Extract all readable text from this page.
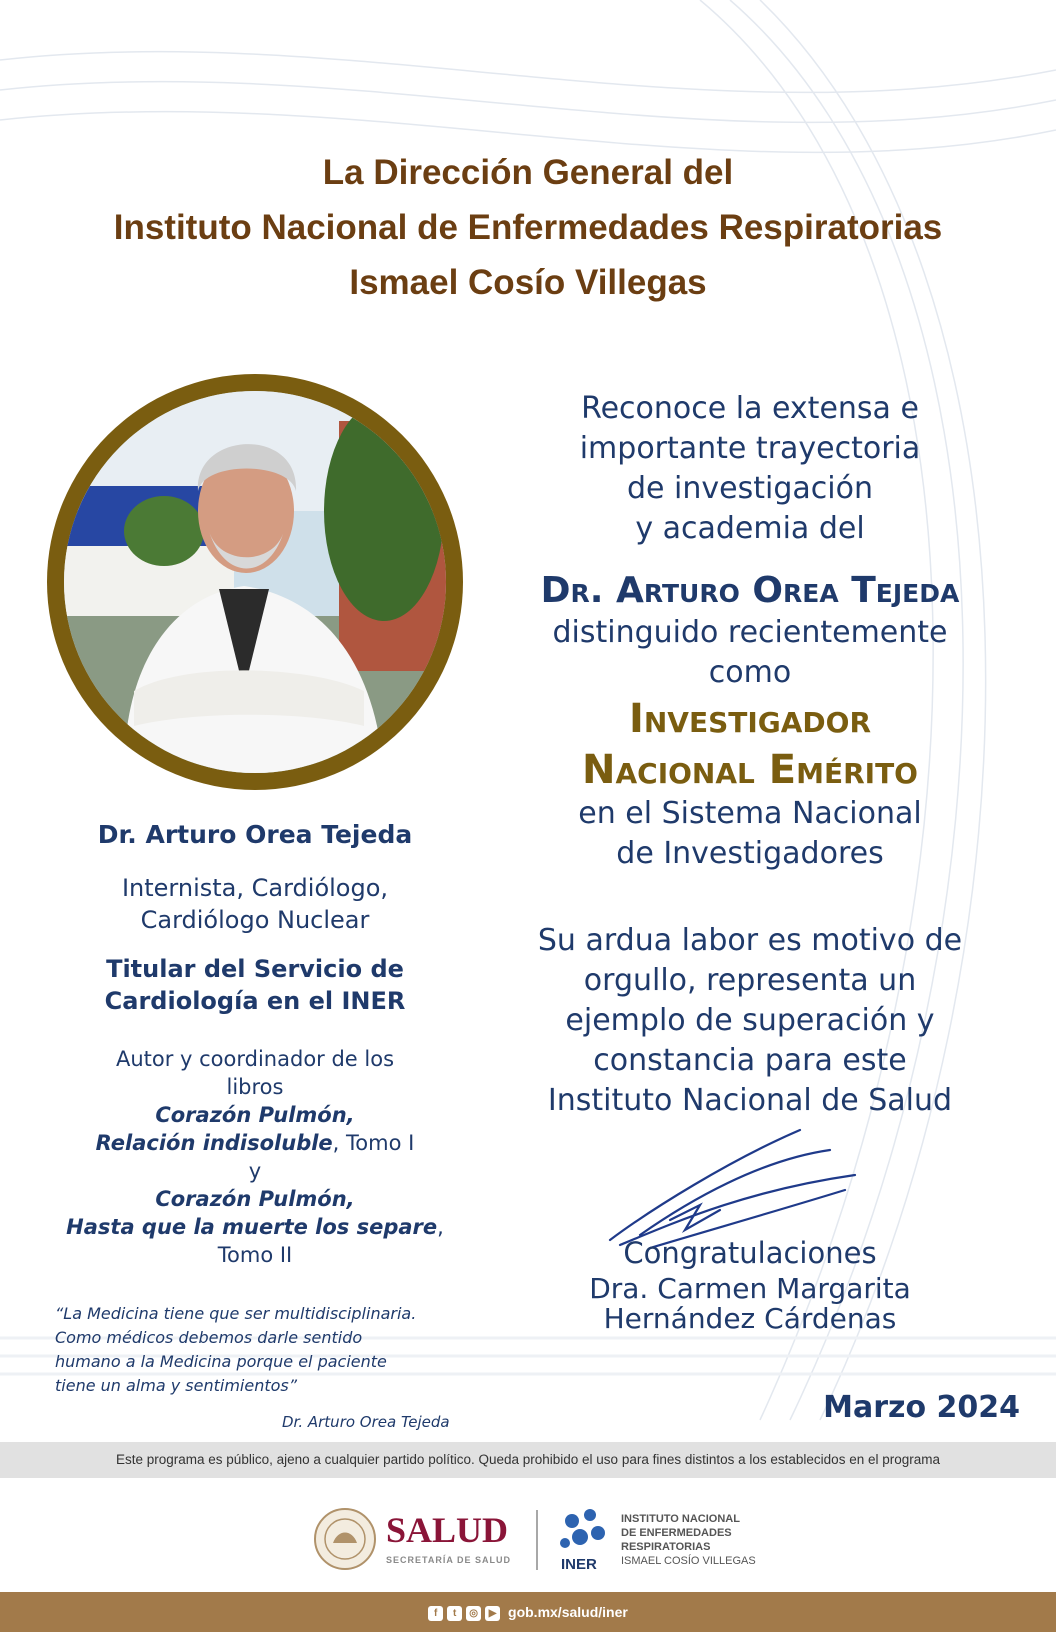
La Dirección General del
Instituto Nacional de Enfermedades Respiratorias
Ismael Cosío Villegas
Dr. Arturo Orea Tejeda
Internista, Cardiólogo,
Cardiólogo Nuclear
Titular del Servicio de
Cardiología en el INER
Autor y coordinador de los
libros
Corazón Pulmón,
Relación indisoluble, Tomo I
y
Corazón Pulmón,
Hasta que la muerte los separe,
Tomo II
“La Medicina tiene que ser multidisciplinaria.
Como médicos debemos darle sentido
humano a la Medicina porque el paciente
tiene un alma y sentimientos”
Dr. Arturo Orea Tejeda
Reconoce la extensa e
importante trayectoria
de investigación
y academia del
Dr. Arturo Orea Tejeda
distinguido recientemente
como
Investigador
Nacional Emérito
en el Sistema Nacional
de Investigadores
Su ardua labor es motivo de
orgullo, representa un
ejemplo de superación y
constancia para este
Instituto Nacional de Salud
Congratulaciones
Dra. Carmen Margarita
Hernández Cárdenas
Marzo 2024
Este programa es público, ajeno a cualquier partido político. Queda prohibido el uso para fines distintos a los establecidos en el programa
SALUD
SECRETARÍA DE SALUD	INER
INSTITUTO NACIONAL
DE ENFERMEDADES
RESPIRATORIAS
ISMAEL COSÍO VILLEGAS
f t ◎ ▶ gob.mx/salud/iner
